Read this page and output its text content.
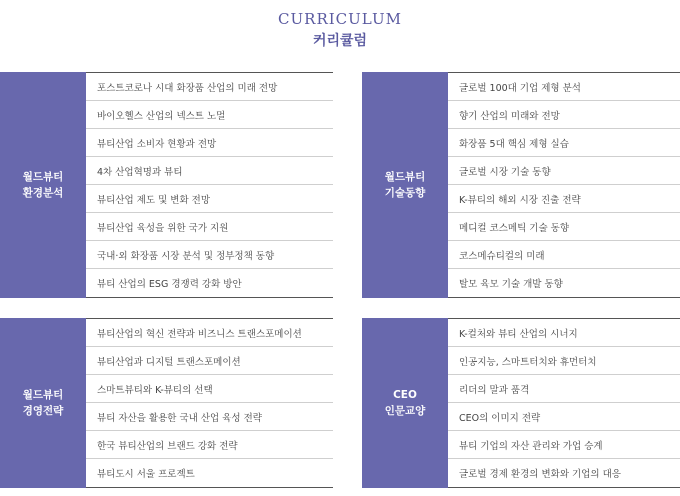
CURRICULUM
커리큘럼
월드뷰티
환경분석
포스트코로나 시대 화장품 산업의 미래 전망
바이오헬스 산업의 넥스트 노멀
뷰티산업 소비자 현황과 전망
4차 산업혁명과 뷰티
뷰티산업 제도 및 변화 전망
뷰티산업 육성을 위한 국가 지원
국내·외 화장품 시장 분석 및 정부정책 동향
뷰티 산업의 ESG 경쟁력 강화 방안
월드뷰티
기술동향
글로벌 100대 기업 제형 분석
향기 산업의 미래와 전망
화장품 5대 핵심 제형 실습
글로벌 시장 기술 동향
K-뷰티의 해외 시장 진출 전략
메디컬 코스메틱 기술 동향
코스메슈티컬의 미래
탈모 육모 기술 개발 동향
월드뷰티
경영전략
뷰티산업의 혁신 전략과 비즈니스 트랜스포메이션
뷰티산업과 디지털 트랜스포메이션
스마트뷰티와 K-뷰티의 선택
뷰티 자산을 활용한 국내 산업 육성 전략
한국 뷰티산업의 브랜드 강화 전략
뷰티도시 서울 프로젝트
CEO
인문교양
K-컬처와 뷰티 산업의 시너지
인공지능, 스마트터치와 휴먼터치
리더의 말과 품격
CEO의 이미지 전략
뷰티 기업의 자산 관리와 가업 승계
글로벌 경제 환경의 변화와 기업의 대응
